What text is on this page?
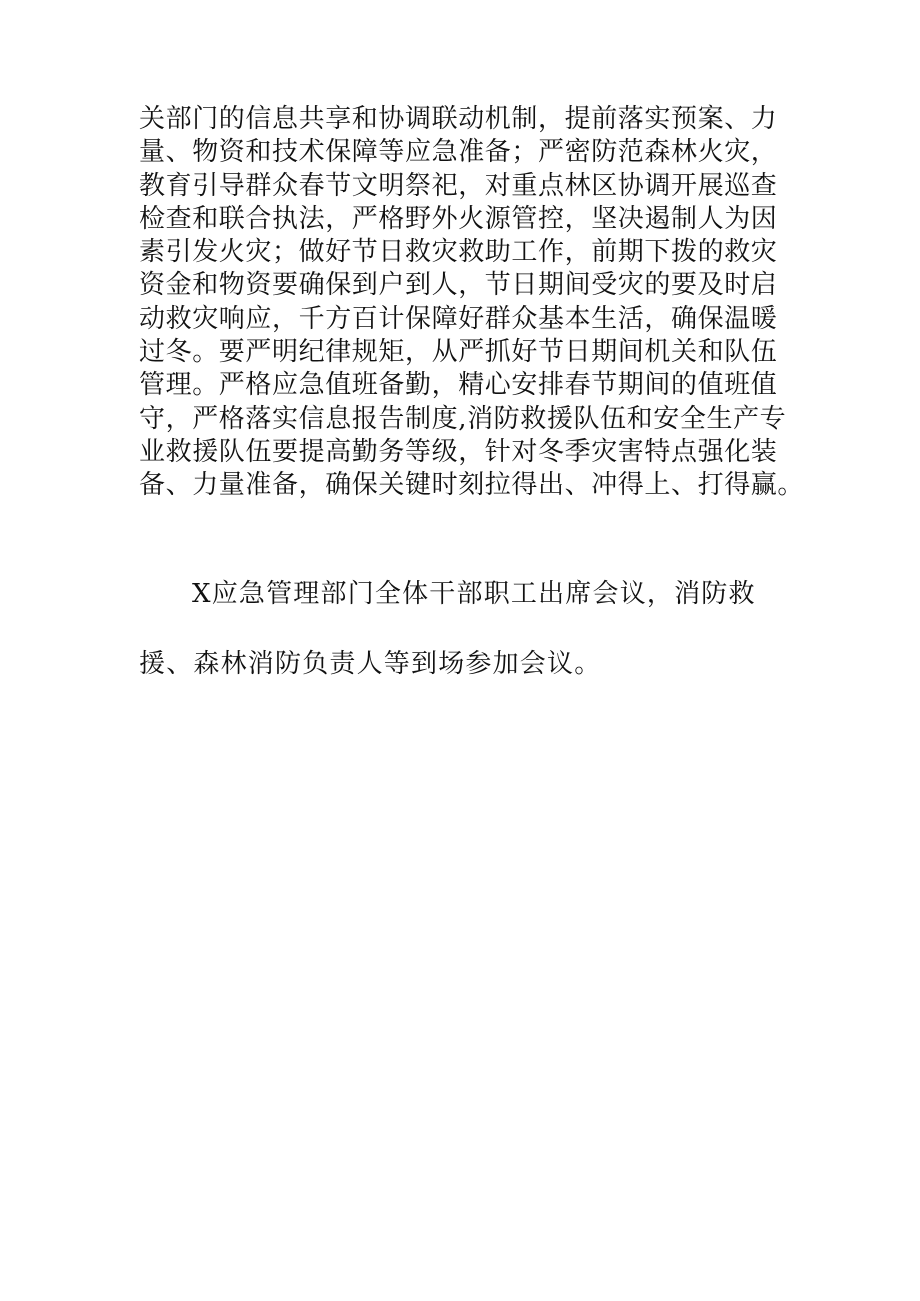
关部门的信息共享和协调联动机制，提前落实预案、力
量、物资和技术保障等应急准备；严密防范森林火灾，
教育引导群众春节文明祭祀，对重点林区协调开展巡查
检查和联合执法，严格野外火源管控，坚决遏制人为因
素引发火灾；做好节日救灾救助工作，前期下拨的救灾
资金和物资要确保到户到人，节日期间受灾的要及时启
动救灾响应，千方百计保障好群众基本生活，确保温暖
过冬。要严明纪律规矩，从严抓好节日期间机关和队伍
管理。严格应急值班备勤，精心安排春节期间的值班值
守，严格落实信息报告制度,消防救援队伍和安全生产专
业救援队伍要提高勤务等级，针对冬季灾害特点强化装
备、力量准备，确保关键时刻拉得出、冲得上、打得赢。
X应急管理部门全体干部职工出席会议，消防救
援、森林消防负责人等到场参加会议。
